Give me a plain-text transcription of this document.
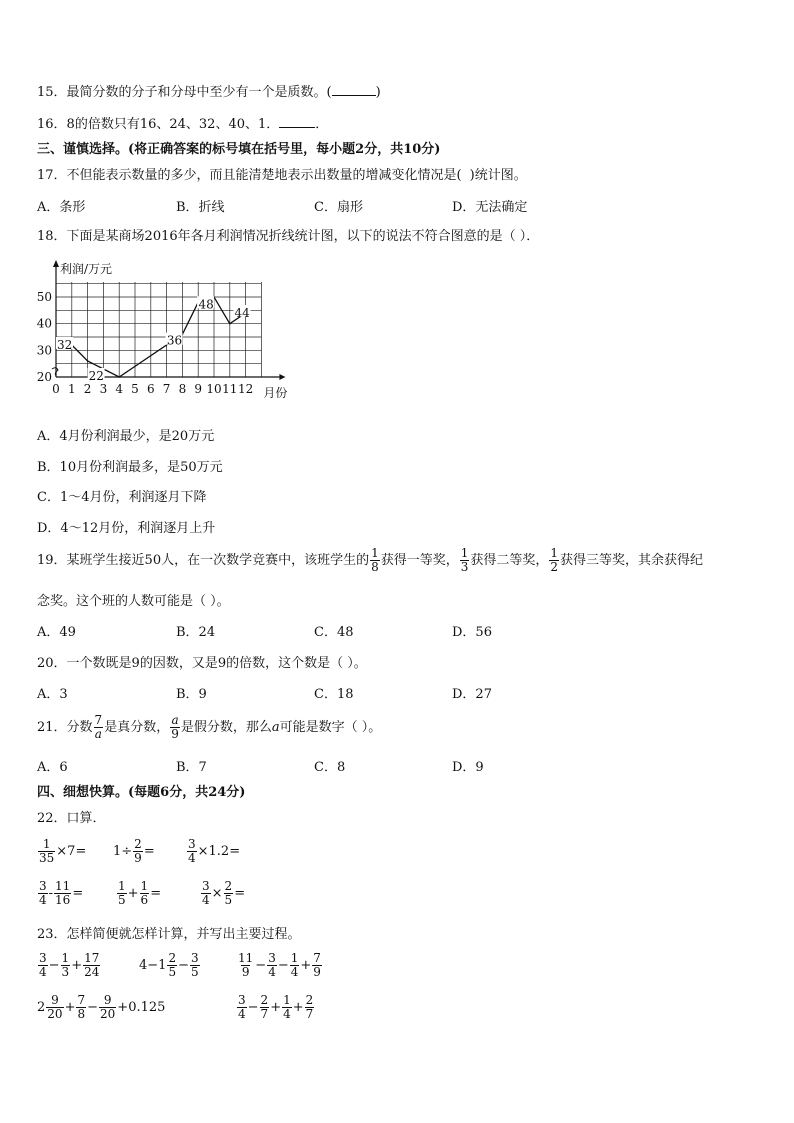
15．最简分数的分子和分母中至少有一个是质数。(	)
16．8的倍数只有16、24、32、40、1．	．
三、谨慎选择。(将正确答案的标号填在括号里，每小题2分，共10分)
17．不但能表示数量的多少，而且能清楚地表示出数量的增减变化情况是( )统计图。
A．条形	B．折线	C．扇形	D．无法确定
18．下面是某商场2016年各月利润情况折线统计图，以下的说法不符合图意的是（ ）．
利润/万元
月份
20
30
40
50
0 1 2 3 4 5 6 7 8 9 10 11 12
32
22
36
48
44
A．4月份利润最少，是20万元
B．10月份利润最多，是50万元
C．1～4月份，利润逐月下降
D．4～12月份，利润逐月上升
19．某班学生接近50人，在一次数学竞赛中，该班学生的 $\frac{1}{8}$ 获得一等奖， $\frac{1}{3}$ 获得二等奖， $\frac{1}{2}$ 获得三等奖，其余获得纪
念奖。这个班的人数可能是（ ）。
A．49	B．24	C．48	D．56
20．一个数既是9的因数，又是9的倍数，这个数是（ ）。
A．3	B．9	C．18	D．27
21．分数 $\frac{7}{a}$ 是真分数， $\frac{a}{9}$ 是假分数，那么 a 可能是数字（ ）。
A．6	B．7	C．8	D．9
四、细想快算。(每题6分，共24分)
22．口算．
$\frac{1}{35} \times 7= 1\div \frac{2}{9}$ =	$\frac{3}{4} \times 1.2=$
$\frac{3}{4} - \frac{11}{16}$ =	$\frac{1}{5} + \frac{1}{6}$ =	$\frac{3}{4} \times \frac{2}{5}$ =
23．怎样简便就怎样计算，并写出主要过程。
$\frac{3}{4} - \frac{1}{3} + \frac{17}{24}$	$4-1 \frac{2}{5} - \frac{3}{5}$	$\frac{11}{9} - \frac{3}{4} - \frac{1}{4} + \frac{7}{9}$
$2 \frac{9}{20} + \frac{7}{8} - \frac{9}{20} +0.125$	$\frac{3}{4} - \frac{2}{7} + \frac{1}{4} + \frac{2}{7}$
